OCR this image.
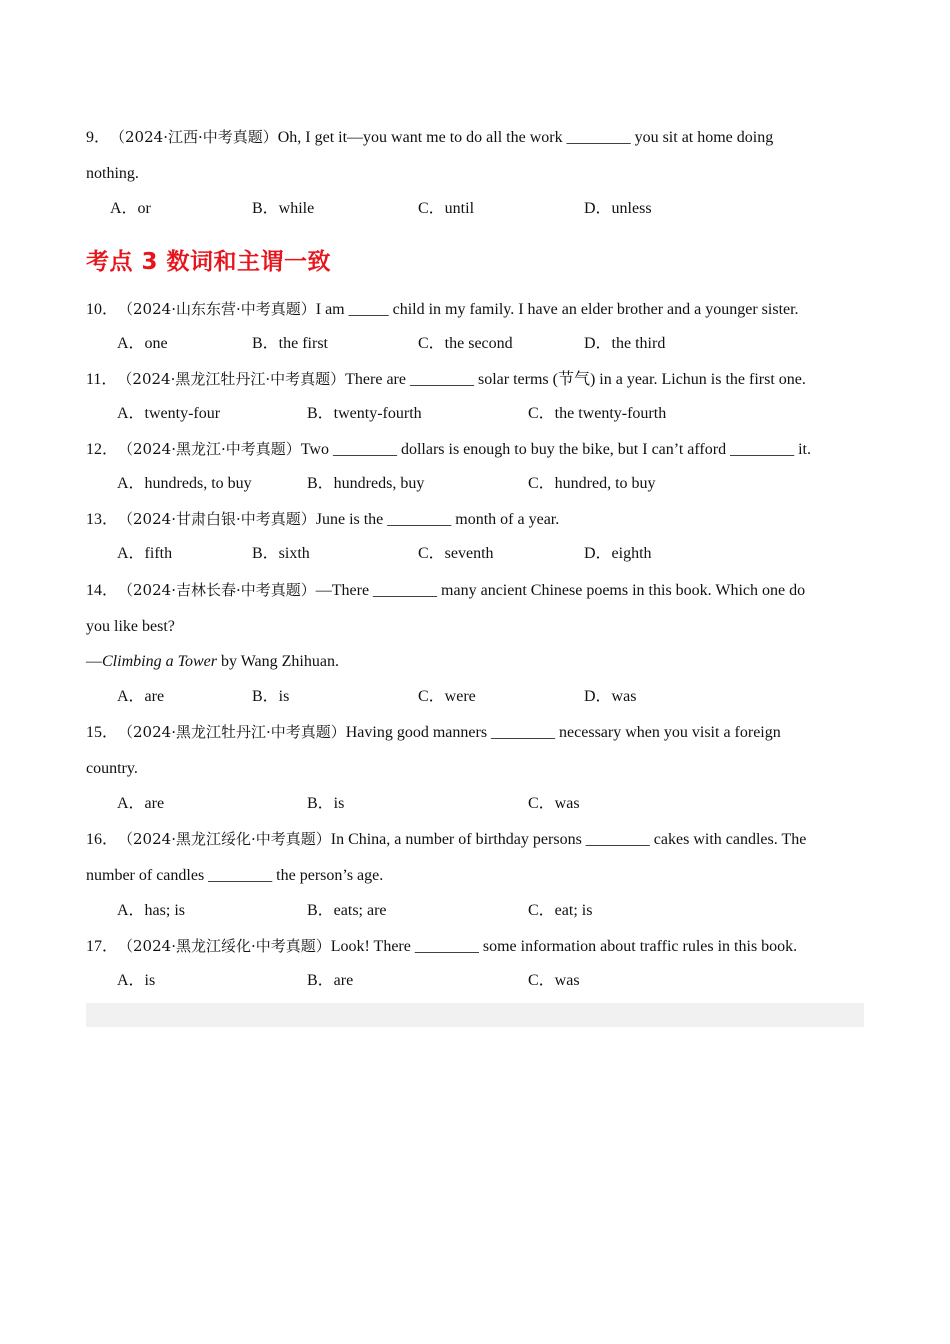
9．（2024·江西·中考真题）Oh, I get it—you want me to do all the work ________ you sit at home doing
nothing.
A．or	B．while	C．until	D．unless
考点 3 数词和主谓一致
10．（2024·山东东营·中考真题）I am _____ child in my family. I have an elder brother and a younger sister.
A．one	B．the first	C．the second	D．the third
11．（2024·黑龙江牡丹江·中考真题）There are ________ solar terms (节气) in a year. Lichun is the first one.
A．twenty-four	B．twenty-fourth	C．the twenty-fourth
12．（2024·黑龙江·中考真题）Two ________ dollars is enough to buy the bike, but I can’t afford ________ it.
A．hundreds, to buy	B．hundreds, buy	C．hundred, to buy
13．（2024·甘肃白银·中考真题）June is the ________ month of a year.
A．fifth	B．sixth	C．seventh	D．eighth
14．（2024·吉林长春·中考真题）—There ________ many ancient Chinese poems in this book. Which one do
you like best?
—Climbing a Tower by Wang Zhihuan.
A．are	B．is	C．were	D．was
15．（2024·黑龙江牡丹江·中考真题）Having good manners ________ necessary when you visit a foreign
country.
A．are	B．is	C．was
16．（2024·黑龙江绥化·中考真题）In China, a number of birthday persons ________ cakes with candles. The
number of candles ________ the person’s age.
A．has; is	B．eats; are	C．eat; is
17．（2024·黑龙江绥化·中考真题）Look! There ________ some information about traffic rules in this book.
A．is	B．are	C．was
